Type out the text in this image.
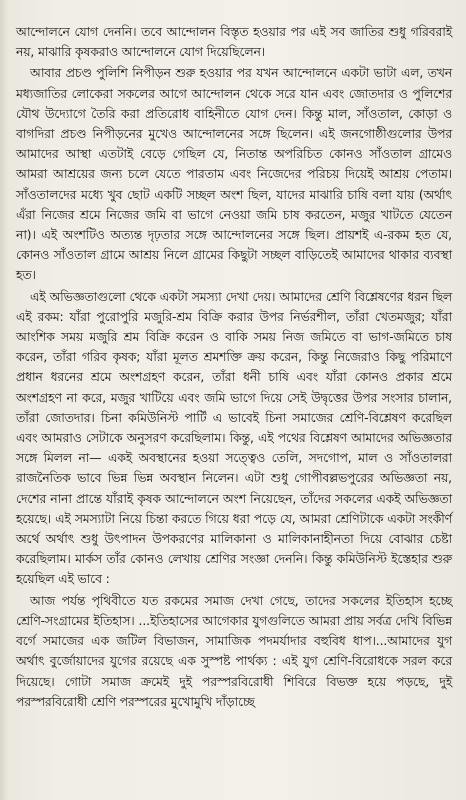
আন্দোলনে যোগ দেননি। তবে আন্দোলন বিস্তৃত হওয়ার পর এই সব জাতির শুধু গরিবরাই নয়, মাঝারি কৃষকরাও আন্দোলনে যোগ দিয়েছিলেন।

আবার প্রচণ্ড পুলিশি নিপীড়ন শুরু হওয়ার পর যখন আন্দোলনে একটা ভাটা এল, তখন মধ্যজাতির লোকেরা সকলের আগে আন্দোলন থেকে সরে যান এবং জোতদার ও পুলিশের যৌথ উদ্যোগে তৈরি করা প্রতিরোধ বাহিনীতে যোগ দেন। কিন্তু মাল, সাঁওতাল, কোড়া ও বাগদিরা প্রচণ্ড নিপীড়নের মুখেও আন্দোলনের সঙ্গে ছিলেন। এই জনগোষ্ঠীগুলোর উপর আমাদের আস্থা এতটাই বেড়ে গেছিল যে, নিতান্ত অপরিচিত কোনও সাঁওতাল গ্রামেও আমরা আশ্রয়ের জন্য চলে যেতে পারতাম এবং নিজেদের পরিচয় দিয়েই আশ্রয় পেতাম। সাঁওতালদের মধ্যে খুব ছোট একটি সচ্ছল অংশ ছিল, যাদের মাঝারি চাষি বলা যায় (অর্থাৎ এঁরা নিজের শ্রমে নিজের জমি বা ভাগে নেওয়া জমি চাষ করতেন, মজুর খাটতে যেতেন না)। এই অংশটিও অত্যন্ত দৃঢ়তার সঙ্গে আন্দোলনের সঙ্গে ছিল। প্রায়শই এ-রকম হত যে, কোনও সাঁওতাল গ্রামে আশ্রয় নিলে গ্রামের কিছুটা সচ্ছল বাড়িতেই আমাদের থাকার ব্যবস্থা হত।

এই অভিজ্ঞতাগুলো থেকে একটা সমস্যা দেখা দেয়। আমাদের শ্রেণি বিশ্লেষণের ধরন ছিল এই রকম: যাঁরা পুরোপুরি মজুরি-শ্রম বিক্রি করার উপর নির্ভরশীল, তাঁরা খেতমজুর; যাঁরা আংশিক সময় মজুরি শ্রম বিক্রি করেন ও বাকি সময় নিজ জমিতে বা ভাগ-জমিতে চাষ করেন, তাঁরা গরিব কৃষক; যাঁরা মূলত শ্রমশক্তি ক্রয় করেন, কিন্তু নিজেরাও কিছু পরিমাণে প্রধান ধরনের শ্রমে অংশগ্রহণ করেন, তাঁরা ধনী চাষি এবং যাঁরা কোনও প্রকার শ্রমে অংশগ্রহণ না করে, মজুর খাটিয়ে এবং জমি ভাগে দিয়ে সেই উদ্বৃত্তের উপর সংসার চালান, তাঁরা জোতদার। চিনা কমিউনিস্ট পার্টি এ ভাবেই চিনা সমাজের শ্রেণি-বিশ্লেষণ করেছিল এবং আমরাও সেটাকে অনুসরণ করেছিলাম। কিন্তু, এই পথের বিশ্লেষণ আমাদের অভিজ্ঞতার সঙ্গে মিলল না— একই অবস্থানের হওয়া সত্ত্বেও তেলি, সদগোপ, মাল ও সাঁওতালরা রাজনৈতিক ভাবে ভিন্ন ভিন্ন অবস্থান নিলেন। এটা শুধু গোপীবল্লভপুরের অভিজ্ঞতা নয়, দেশের নানা প্রান্তে যাঁরাই কৃষক আন্দোলনে অংশ নিয়েছেন, তাঁদের সকলের একই অভিজ্ঞতা হয়েছে। এই সমস্যাটা নিয়ে চিন্তা করতে গিয়ে ধরা পড়ে যে, আমরা শ্রেণিটাকে একটা সংকীর্ণ অর্থে অর্থাৎ শুধু উৎপাদন উপকরণের মালিকানা ও মালিকানাহীনতা দিয়ে বোঝার চেষ্টা করেছিলাম। মার্কস তাঁর কোনও লেখায় শ্রেণির সংজ্ঞা দেননি। কিন্তু কমিউনিস্ট ইস্তেহার শুরু হয়েছিল এই ভাবে :

আজ পর্যন্ত পৃথিবীতে যত রকমের সমাজ দেখা গেছে, তাদের সকলের ইতিহাস হচ্ছে শ্রেণি-সংগ্রামের ইতিহাস। ...ইতিহাসের আগেকার যুগগুলিতে আমরা প্রায় সর্বত্র দেখি বিভিন্ন বর্গে সমাজের এক জটিল বিভাজন, সামাজিক পদমর্যাদার বহুবিধ ধাপ।...আমাদের যুগ অর্থাৎ বুর্জোয়াদের যুগের রয়েছে এক সুস্পষ্ট পার্থক্য : এই যুগ শ্রেণি-বিরোধকে সরল করে দিয়েছে। গোটা সমাজ ক্রমেই দুই পরস্পরবিরোধী শিবিরে বিভক্ত হয়ে পড়ছে, দুই পরস্পরবিরোধী শ্রেণি পরস্পরের মুখোমুখি দাঁড়াচ্ছে
